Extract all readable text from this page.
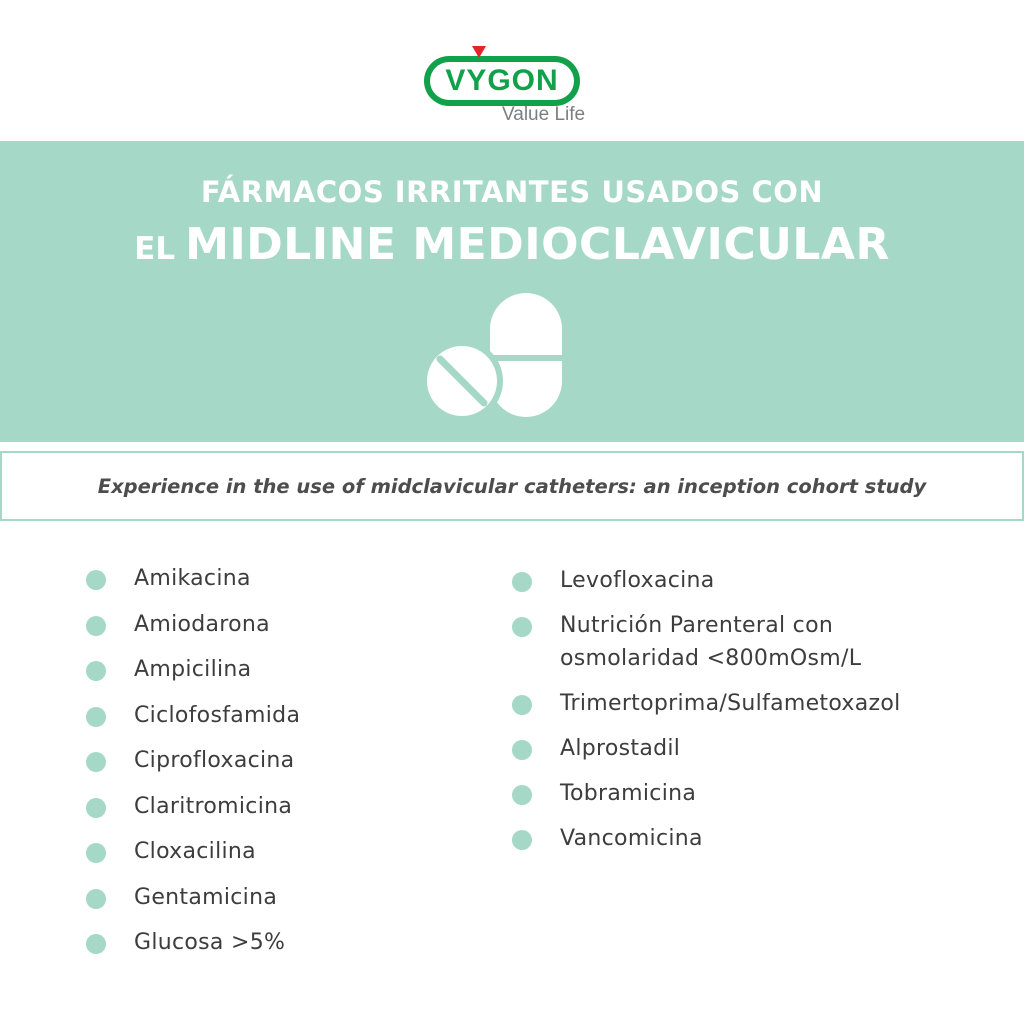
VYGON
Value Life
FÁRMACOS IRRITANTES USADOS CON
EL MIDLINE MEDIOCLAVICULAR
Experience in the use of midclavicular catheters: an inception cohort study
Amikacina
Amiodarona
Ampicilina
Ciclofosfamida
Ciprofloxacina
Claritromicina
Cloxacilina
Gentamicina
Glucosa >5%
Levofloxacina
Nutrición Parenteral con
osmolaridad <800mOsm/L
Trimertoprima/Sulfametoxazol
Alprostadil
Tobramicina
Vancomicina
